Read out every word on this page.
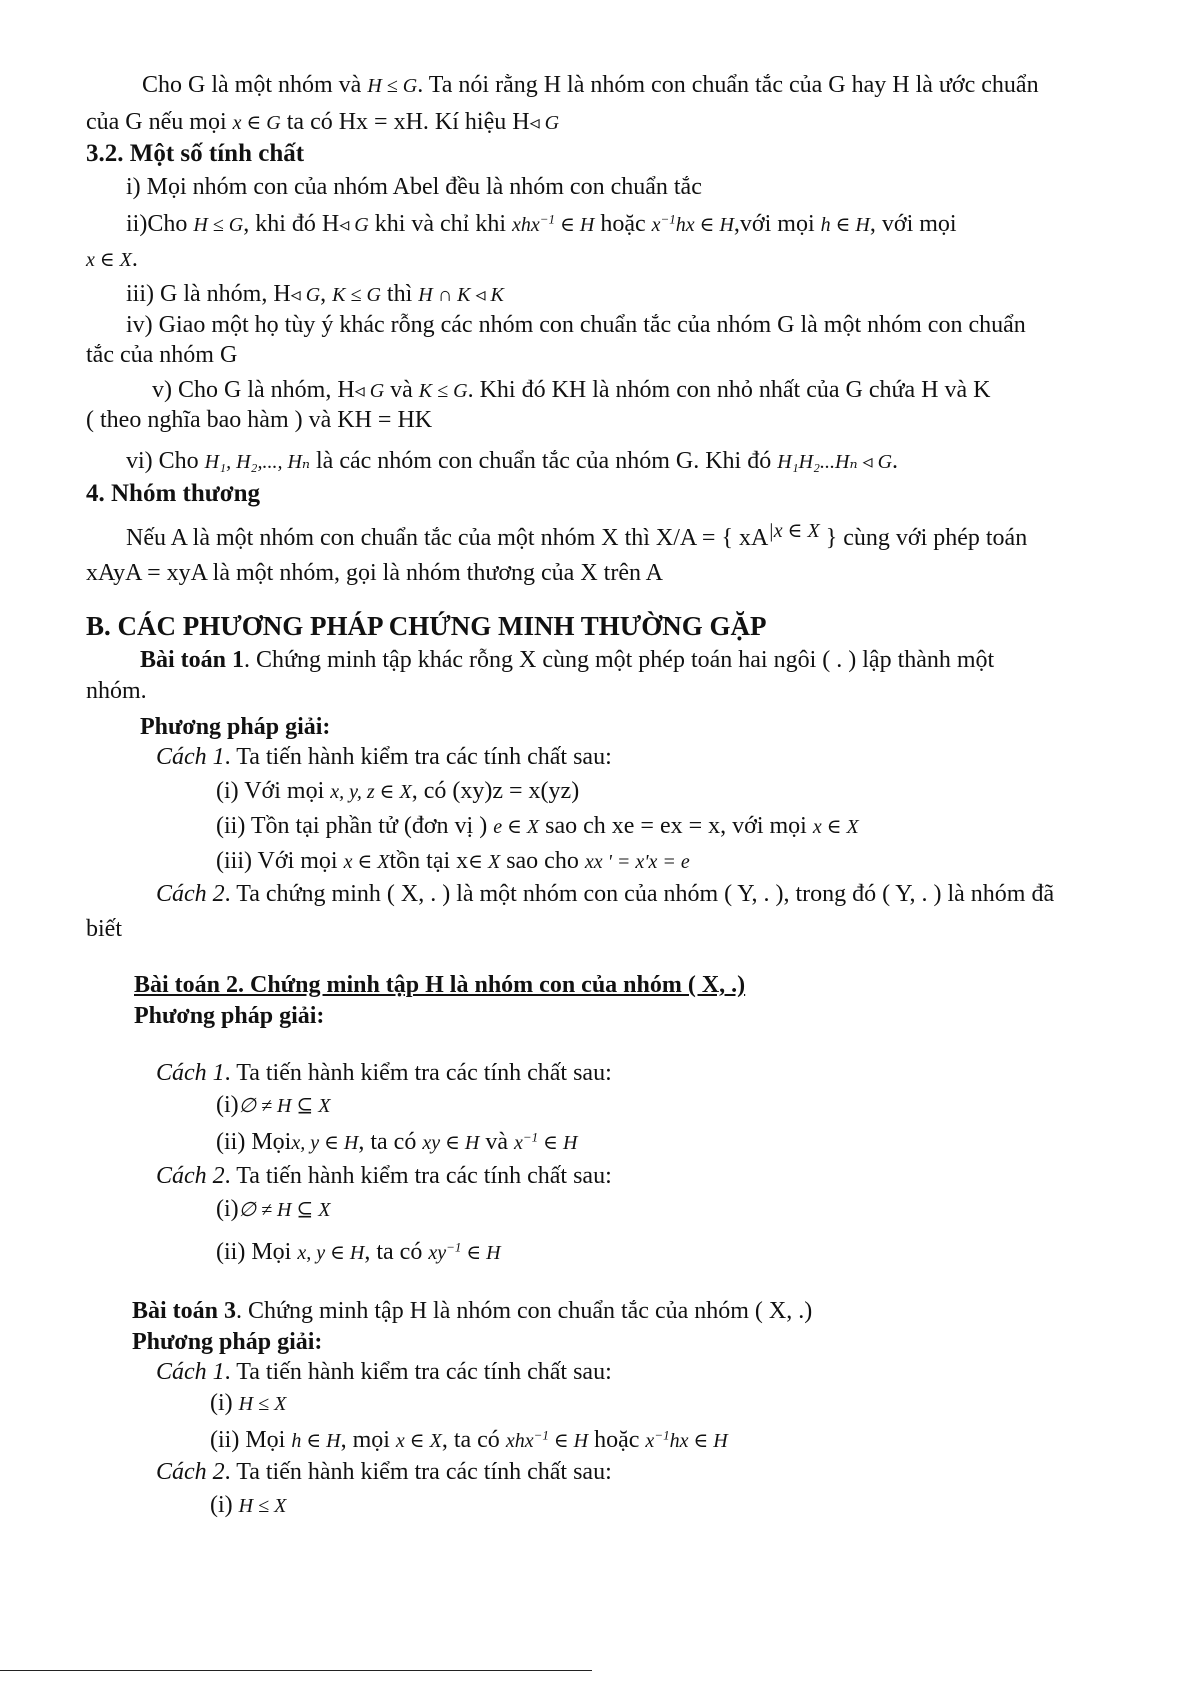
Cho G là một nhóm và H ≤ G. Ta nói rằng H là nhóm con chuẩn tắc của G hay H là ước chuẩn
của G nếu mọi x ∈ G ta có Hx = xH. Kí hiệu H◃ G
3.2. Một số tính chất
i) Mọi nhóm con của nhóm Abel đều là nhóm con chuẩn tắc
ii)Cho H ≤ G, khi đó H◃ G khi và chỉ khi xhx$^{-1}$ ∈ H hoặc $x^{-1}hx$ ∈ H,với mọi h ∈ H, với mọi
x ∈ X.
iii) G là nhóm, H◃ G, K ≤ G thì H ∩ K ◃ K
iv) Giao một họ tùy ý khác rỗng các nhóm con chuẩn tắc của nhóm G là một nhóm con chuẩn
tắc của nhóm G
v) Cho G là nhóm, H◃ G và K ≤ G. Khi đó KH là nhóm con nhỏ nhất của G chứa H và K
( theo nghĩa bao hàm ) và KH = HK
vi) Cho H₁, H₂,..., Hₙ là các nhóm con chuẩn tắc của nhóm G. Khi đó H₁H₂...Hₙ ◃ G.
4. Nhóm thương
Nếu A là một nhóm con chuẩn tắc của một nhóm X thì X/A = { $xA^{|x \in X}$ } cùng với phép toán
xAyA = xyA là một nhóm, gọi là nhóm thương của X trên A
B. CÁC PHƯƠNG PHÁP CHỨNG MINH THƯỜNG GẶP
Bài toán 1. Chứng minh tập khác rỗng X cùng một phép toán hai ngôi ( . ) lập thành một
nhóm.
Phương pháp giải:
Cách 1. Ta tiến hành kiểm tra các tính chất sau:
(i) Với mọi x, y, z ∈ X, có (xy)z = x(yz)
(ii) Tồn tại phần tử (đơn vị ) e ∈ X sao ch xe = ex = x, với mọi x ∈ X
(iii) Với mọi x ∈ Xtồn tại x∈ X sao cho xx ' = x'x = e
Cách 2. Ta chứng minh ( X, . ) là một nhóm con của nhóm ( Y, . ), trong đó ( Y, . ) là nhóm đã
biết
Bài toán 2. Chứng minh tập H là nhóm con của nhóm ( X, .)
Phương pháp giải:
Cách 1. Ta tiến hành kiểm tra các tính chất sau:
(i)∅ ≠ H ⊆ X
(ii) Mọix, y ∈ H, ta có xy ∈ H và $x^{-1}$ ∈ H
Cách 2. Ta tiến hành kiểm tra các tính chất sau:
(i)∅ ≠ H ⊆ X
(ii) Mọi x, y ∈ H, ta có $xy^{-1}$ ∈ H
Bài toán 3. Chứng minh tập H là nhóm con chuẩn tắc của nhóm ( X, .)
Phương pháp giải:
Cách 1. Ta tiến hành kiểm tra các tính chất sau:
(i) H ≤ X
(ii) Mọi h ∈ H, mọi x ∈ X, ta có xhx$^{-1}$ ∈ H hoặc $x^{-1}hx$ ∈ H
Cách 2. Ta tiến hành kiểm tra các tính chất sau:
(i) H ≤ X
